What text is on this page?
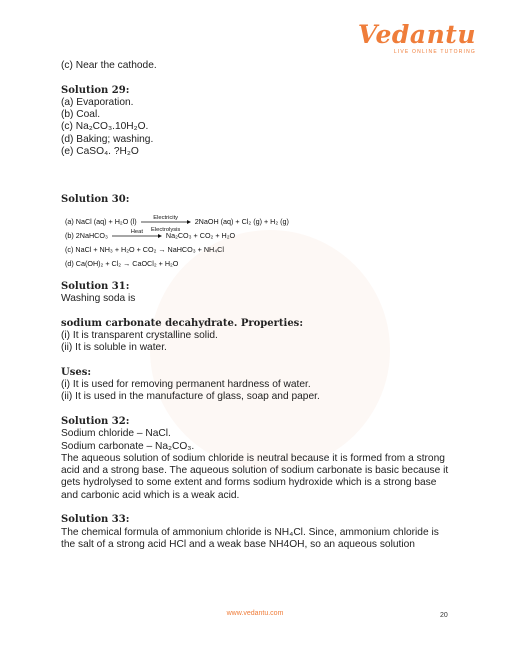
Vedantu
LIVE ONLINE TUTORING

(c) Near the cathode.

Solution 29:

(a) Evaporation.

(b) Coal.

(c) Na₂CO₃.10H₂O.

(d) Baking; washing.

(e) CaSO₄. ?H₂O

Solution 30:

(a) NaCl (aq) + H₂O (l)	Electricity
Electrolysis
2NaOH (aq) + Cl₂ (g) + H₂ (g)
(b) 2NaHCO₃	Heat	Na₂CO₃ + CO₂ + H₂O
(c) NaCl + NH₃ + H₂O + CO₂ → NaHCO₃ + NH₄Cl
(d) Ca(OH)₂ + Cl₂ → CaOCl₂ + H₂O

Solution 31:

Washing soda is

sodium carbonate decahydrate. Properties:

(i) It is transparent crystalline solid.

(ii) It is soluble in water.

Uses:

(i) It is used for removing permanent hardness of water.

(ii) It is used in the manufacture of glass, soap and paper.

Solution 32:

Sodium chloride – NaCl.

Sodium carbonate – Na₂CO₃.

The aqueous solution of sodium chloride is neutral because it is formed from a strong acid and a strong base. The aqueous solution of sodium carbonate is basic because it gets hydrolysed to some extent and forms sodium hydroxide which is a strong base and carbonic acid which is a weak acid.

Solution 33:

The chemical formula of ammonium chloride is NH₄Cl. Since, ammonium chloride is the salt of a strong acid HCl and a weak base NH4OH, so an aqueous solution

www.vedantu.com	20
